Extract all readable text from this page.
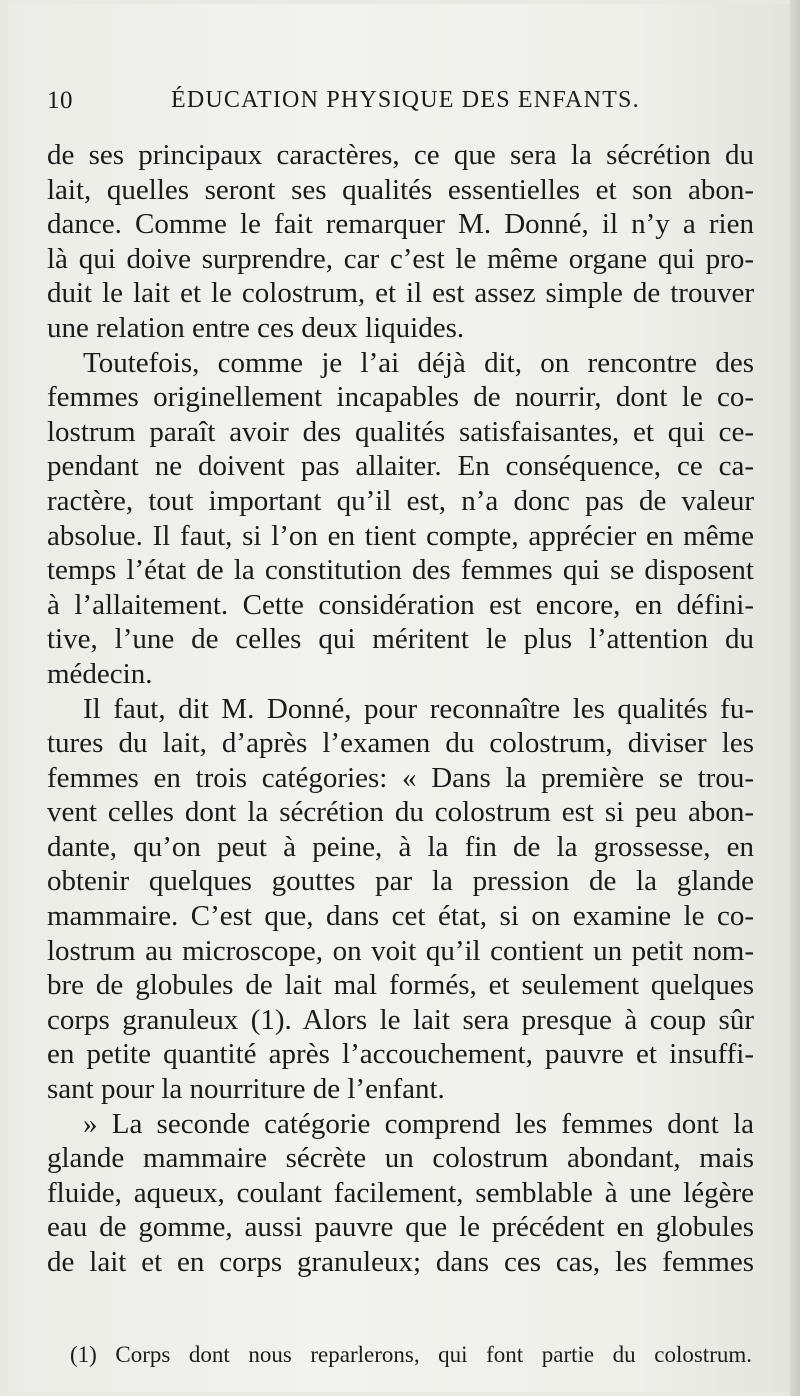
10	ÉDUCATION PHYSIQUE DES ENFANTS.
de ses principaux caractères, ce que sera la sécrétion du
lait, quelles seront ses qualités essentielles et son abon-
dance. Comme le fait remarquer M. Donné, il n’y a rien
là qui doive surprendre, car c’est le même organe qui pro-
duit le lait et le colostrum, et il est assez simple de trouver
une relation entre ces deux liquides.
Toutefois, comme je l’ai déjà dit, on rencontre des
femmes originellement incapables de nourrir, dont le co-
lostrum paraît avoir des qualités satisfaisantes, et qui ce-
pendant ne doivent pas allaiter. En conséquence, ce ca-
ractère, tout important qu’il est, n’a donc pas de valeur
absolue. Il faut, si l’on en tient compte, apprécier en même
temps l’état de la constitution des femmes qui se disposent
à l’allaitement. Cette considération est encore, en défini-
tive, l’une de celles qui méritent le plus l’attention du
médecin.
Il faut, dit M. Donné, pour reconnaître les qualités fu-
tures du lait, d’après l’examen du colostrum, diviser les
femmes en trois catégories: « Dans la première se trou-
vent celles dont la sécrétion du colostrum est si peu abon-
dante, qu’on peut à peine, à la fin de la grossesse, en
obtenir quelques gouttes par la pression de la glande
mammaire. C’est que, dans cet état, si on examine le co-
lostrum au microscope, on voit qu’il contient un petit nom-
bre de globules de lait mal formés, et seulement quelques
corps granuleux (1). Alors le lait sera presque à coup sûr
en petite quantité après l’accouchement, pauvre et insuffi-
sant pour la nourriture de l’enfant.
» La seconde catégorie comprend les femmes dont la
glande mammaire sécrète un colostrum abondant, mais
fluide, aqueux, coulant facilement, semblable à une légère
eau de gomme, aussi pauvre que le précédent en globules
de lait et en corps granuleux; dans ces cas, les femmes
(1) Corps dont nous reparlerons, qui font partie du colostrum.
